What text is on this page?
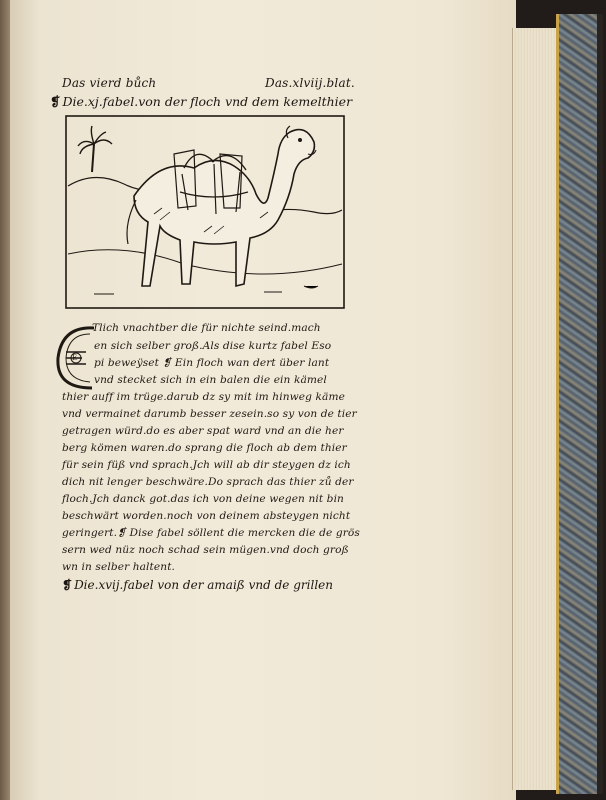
Das vierd bůch	Das.xlviij.blat.
❡ Die.xj.fabel.von der floch vnd dem kemelthier
E
Tlich vnachtber die für nichte seind.mach
en sich selber groß.Als dise kurtz fabel Eso
pi beweÿset ❡ Ein floch wan dert über lant
vnd stecket sich in ein balen die ein kämel
thier auff im trüge.darub dz sy mit im hinweg käme
vnd vermainet darumb besser zesein.so sy von de tier
getragen würd.do es aber spat ward vnd an die her
berg kömen waren.do sprang die floch ab dem thier
für sein füß vnd sprach.Jch will ab dir steygen dz ich
dich nit lenger beschwäre.Do sprach das thier zů der
floch.Jch danck got.das ich von deine wegen nit bin
beschwärt worden.noch von deinem absteygen nicht
geringert.❡ Dise fabel söllent die mercken die de grös
sern wed nüz noch schad sein mügen.vnd doch groß
wn in selber haltent.
❡ Die.xvij.fabel von der amaiß vnd de grillen
